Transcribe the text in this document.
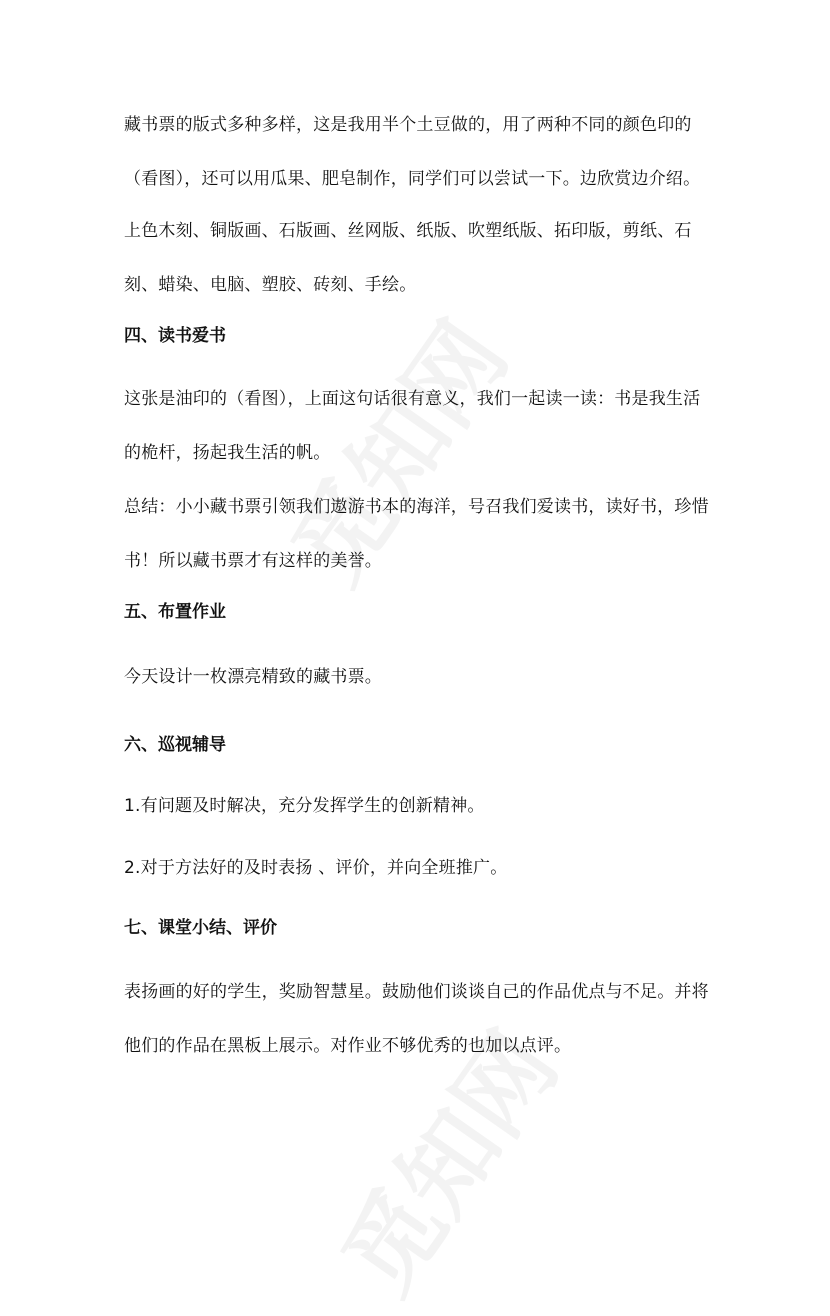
藏书票的版式多种多样，这是我用半个土豆做的，用了两种不同的颜色印的
（看图），还可以用瓜果、肥皂制作，同学们可以尝试一下。边欣赏边介绍。
上色木刻、铜版画、石版画、丝网版、纸版、吹塑纸版、拓印版，剪纸、石
刻、蜡染、电脑、塑胶、砖刻、手绘。
四、读书爱书
这张是油印的（看图），上面这句话很有意义，我们一起读一读：书是我生活
的桅杆，扬起我生活的帆。
总结：小小藏书票引领我们遨游书本的海洋，号召我们爱读书，读好书，珍惜
书！所以藏书票才有这样的美誉。
五、布置作业
今天设计一枚漂亮精致的藏书票。
六、巡视辅导
1.有问题及时解决，充分发挥学生的创新精神。
2.对于方法好的及时表扬 、评价，并向全班推广。
七、课堂小结、评价
表扬画的好的学生，奖励智慧星。鼓励他们谈谈自己的作品优点与不足。并将
他们的作品在黑板上展示。对作业不够优秀的也加以点评。
